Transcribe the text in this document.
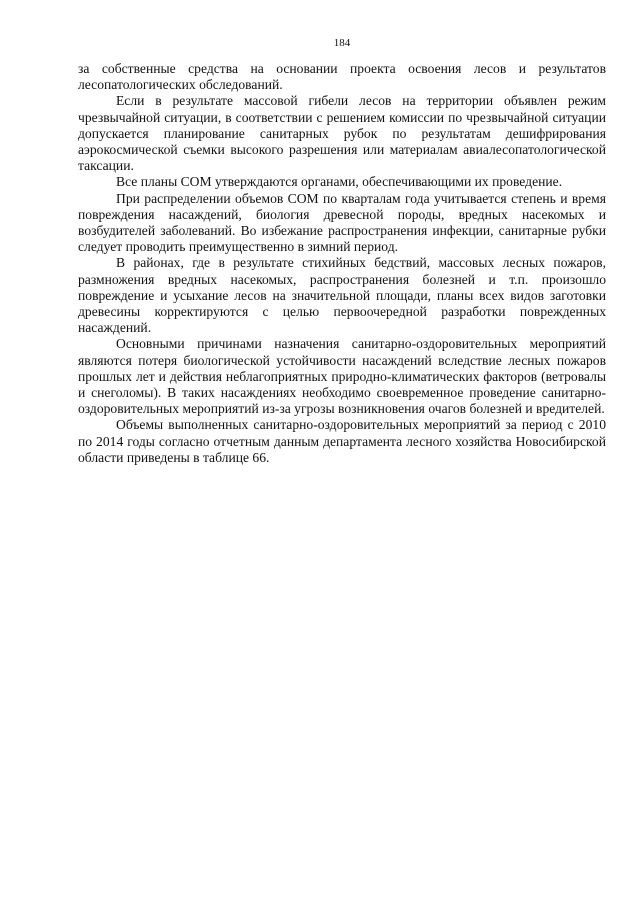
184

за собственные средства на основании проекта освоения лесов и результатов лесопатологических обследований.

Если в результате массовой гибели лесов на территории объявлен режим чрезвычайной ситуации, в соответствии с решением комиссии по чрезвычайной ситуации допускается планирование санитарных рубок по результатам дешифрирования аэрокосмической съемки высокого разрешения или материалам авиалесопатологической таксации.

Все планы СОМ утверждаются органами, обеспечивающими их проведение.

При распределении объемов СОМ по кварталам года учитывается степень и время повреждения насаждений, биология древесной породы, вредных насекомых и возбудителей заболеваний. Во избежание распространения инфекции, санитарные рубки следует проводить преимущественно в зимний период.

В районах, где в результате стихийных бедствий, массовых лесных пожаров, размножения вредных насекомых, распространения болезней и т.п. произошло повреждение и усыхание лесов на значительной площади, планы всех видов заготовки древесины корректируются с целью первоочередной разработки поврежденных насаждений.

Основными причинами назначения санитарно-оздоровительных мероприятий являются потеря биологической устойчивости насаждений вследствие лесных пожаров прошлых лет и действия неблагоприятных природно-климатических факторов (ветровалы и снеголомы). В таких насаждениях необходимо своевременное проведение санитарно-оздоровительных мероприятий из-за угрозы возникновения очагов болезней и вредителей.

Объемы выполненных санитарно-оздоровительных мероприятий за период с 2010 по 2014 годы согласно отчетным данным департамента лесного хозяйства Новосибирской области приведены в таблице 66.
